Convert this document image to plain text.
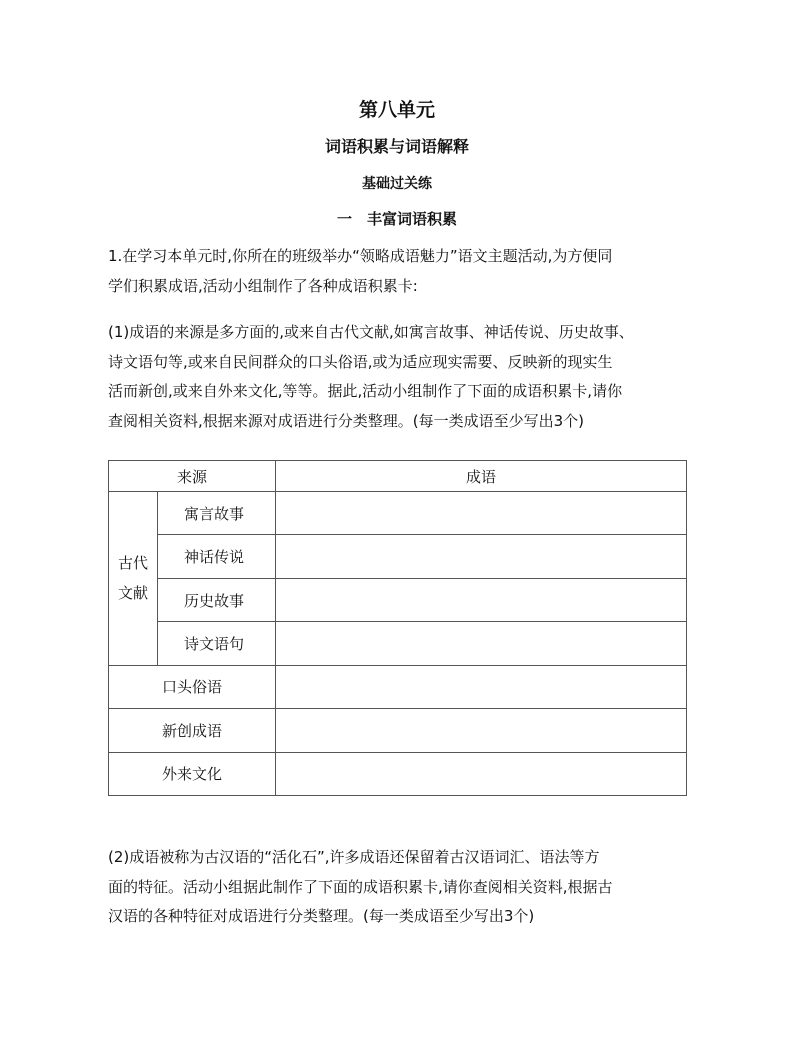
第八单元
词语积累与词语解释
基础过关练
一　丰富词语积累
1.在学习本单元时,你所在的班级举办“领略成语魅力”语文主题活动,为方便同
学们积累成语,活动小组制作了各种成语积累卡:
(1)成语的来源是多方面的,或来自古代文献,如寓言故事、神话传说、历史故事、
诗文语句等,或来自民间群众的口头俗语,或为适应现实需要、反映新的现实生
活而新创,或来自外来文化,等等。据此,活动小组制作了下面的成语积累卡,请你
查阅相关资料,根据来源对成语进行分类整理。(每一类成语至少写出3个)
来源		成语

古代
文献	寓言故事	
	神话传说	
	历史故事	
	诗文语句	
口头俗语		
新创成语		
外来文化		
(2)成语被称为古汉语的“活化石”,许多成语还保留着古汉语词汇、语法等方
面的特征。活动小组据此制作了下面的成语积累卡,请你查阅相关资料,根据古
汉语的各种特征对成语进行分类整理。(每一类成语至少写出3个)
